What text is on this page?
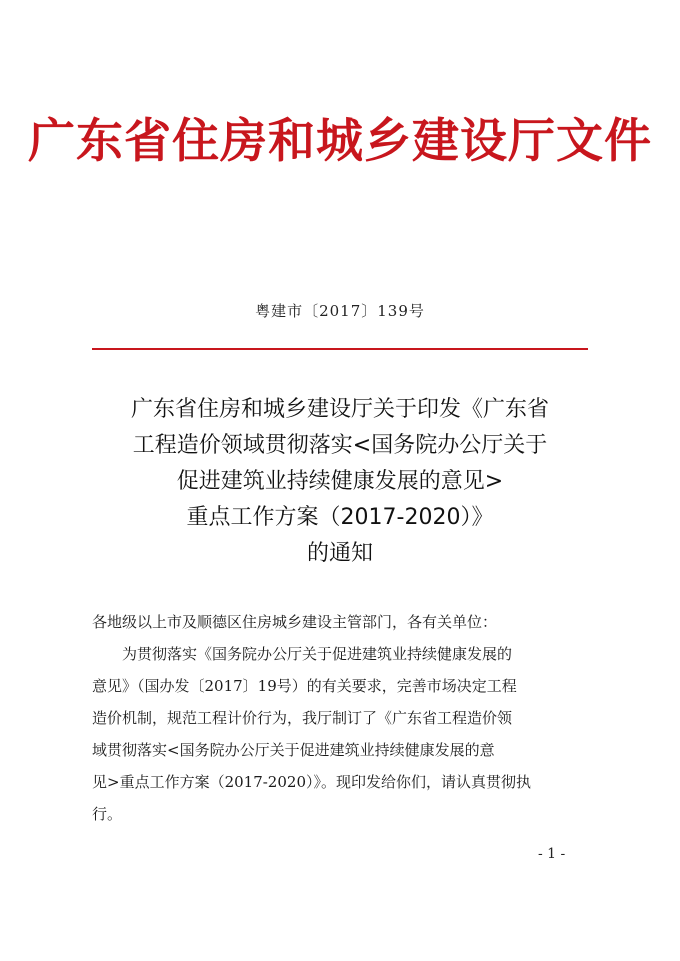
广东省住房和城乡建设厅文件
粤建市〔2017〕139号
广东省住房和城乡建设厅关于印发《广东省
工程造价领域贯彻落实<国务院办公厅关于
促进建筑业持续健康发展的意见>
重点工作方案（2017-2020）》
的通知

各地级以上市及顺德区住房城乡建设主管部门，各有关单位：

为贯彻落实《国务院办公厅关于促进建筑业持续健康发展的

意见》（国办发〔2017〕19号）的有关要求，完善市场决定工程

造价机制，规范工程计价行为，我厅制订了《广东省工程造价领

域贯彻落实<国务院办公厅关于促进建筑业持续健康发展的意

见>重点工作方案（2017-2020）》。现印发给你们，请认真贯彻执

行。

- 1 -
